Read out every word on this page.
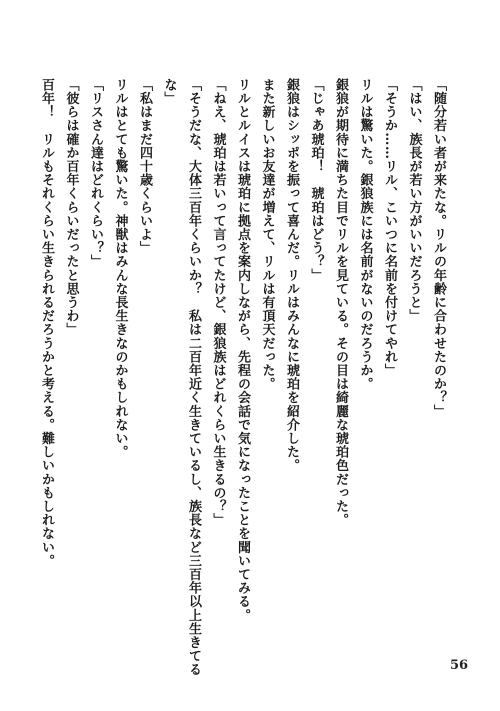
「随分若い者が来たな。リルの年齢に合わせたのか？」
「はい、族長が若い方がいいだろうと」
「そうか……リル、こいつに名前を付けてやれ」
リルは驚いた。銀狼族には名前がないのだろうか。
銀狼が期待に満ちた目でリルを見ている。その目は綺麗な琥珀色だった。
「じゃあ琥珀！　琥珀はどう？」
銀狼はシッポを振って喜んだ。リルはみんなに琥珀を紹介した。
また新しいお友達が増えて、リルは有頂天だった。
リルとルイスは琥珀に拠点を案内しながら、先程の会話で気になったことを聞いてみる。
「ねえ、琥珀は若いって言ってたけど、銀狼族はどれくらい生きるの？」
「そうだな、大体三百年くらいか？　私は二百年近く生きているし、族長など三百年以上生きてる
な」
「私はまだ四十歳くらいよ」
リルはとても驚いた。神獣はみんな長生きなのかもしれない。
「リスさん達はどれくらい？」
「彼らは確か百年くらいだったと思うわ」
百年！　リルもそれくらい生きられるだろうかと考える。難しいかもしれない。
56
